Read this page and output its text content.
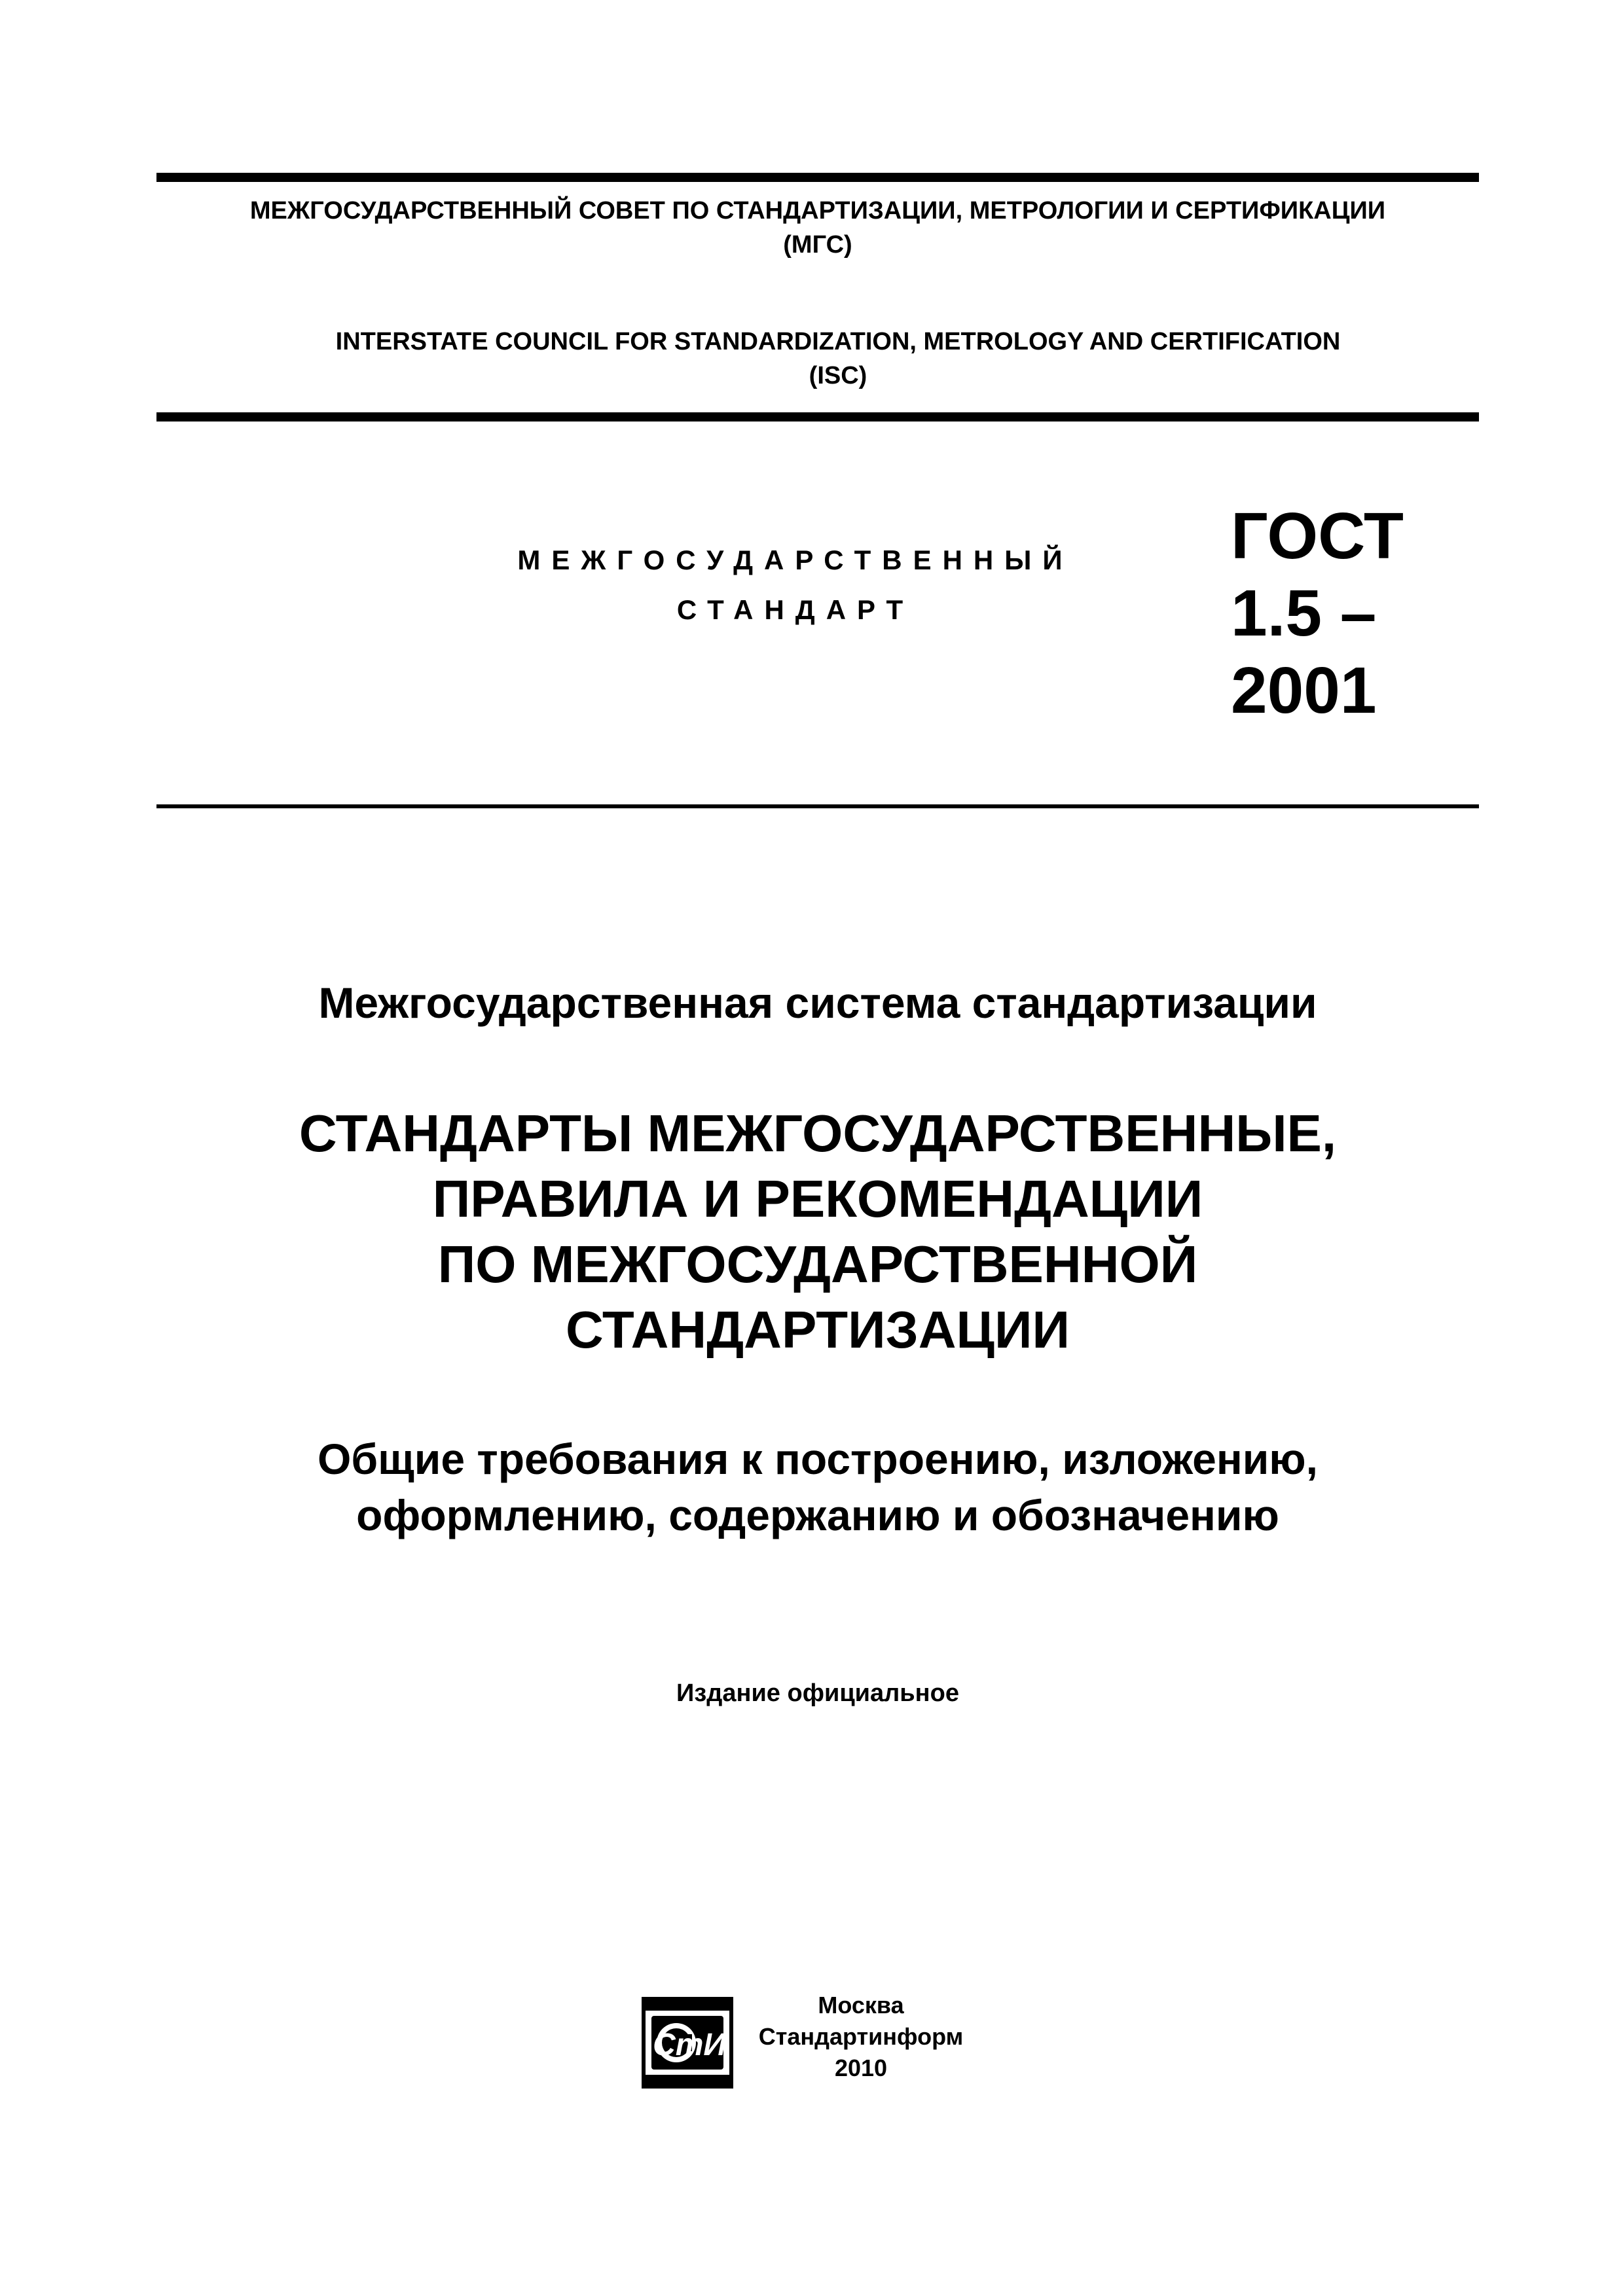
МЕЖГОСУДАРСТВЕННЫЙ СОВЕТ ПО СТАНДАРТИЗАЦИИ, МЕТРОЛОГИИ И СЕРТИФИКАЦИИ
(МГС)
INTERSTATE COUNCIL FOR STANDARDIZATION, METROLOGY AND CERTIFICATION
(ISC)
МЕЖГОСУДАРСТВЕННЫЙ
СТАНДАРТ
ГОСТ
1.5 –
2001
Межгосударственная система стандартизации
СТАНДАРТЫ МЕЖГОСУДАРСТВЕННЫЕ,
ПРАВИЛА И РЕКОМЕНДАЦИИ
ПО МЕЖГОСУДАРСТВЕННОЙ
СТАНДАРТИЗАЦИИ
Общие требования к построению, изложению,
оформлению, содержанию и обозначению
Издание официальное
СтИ
Москва
Стандартинформ
2010
